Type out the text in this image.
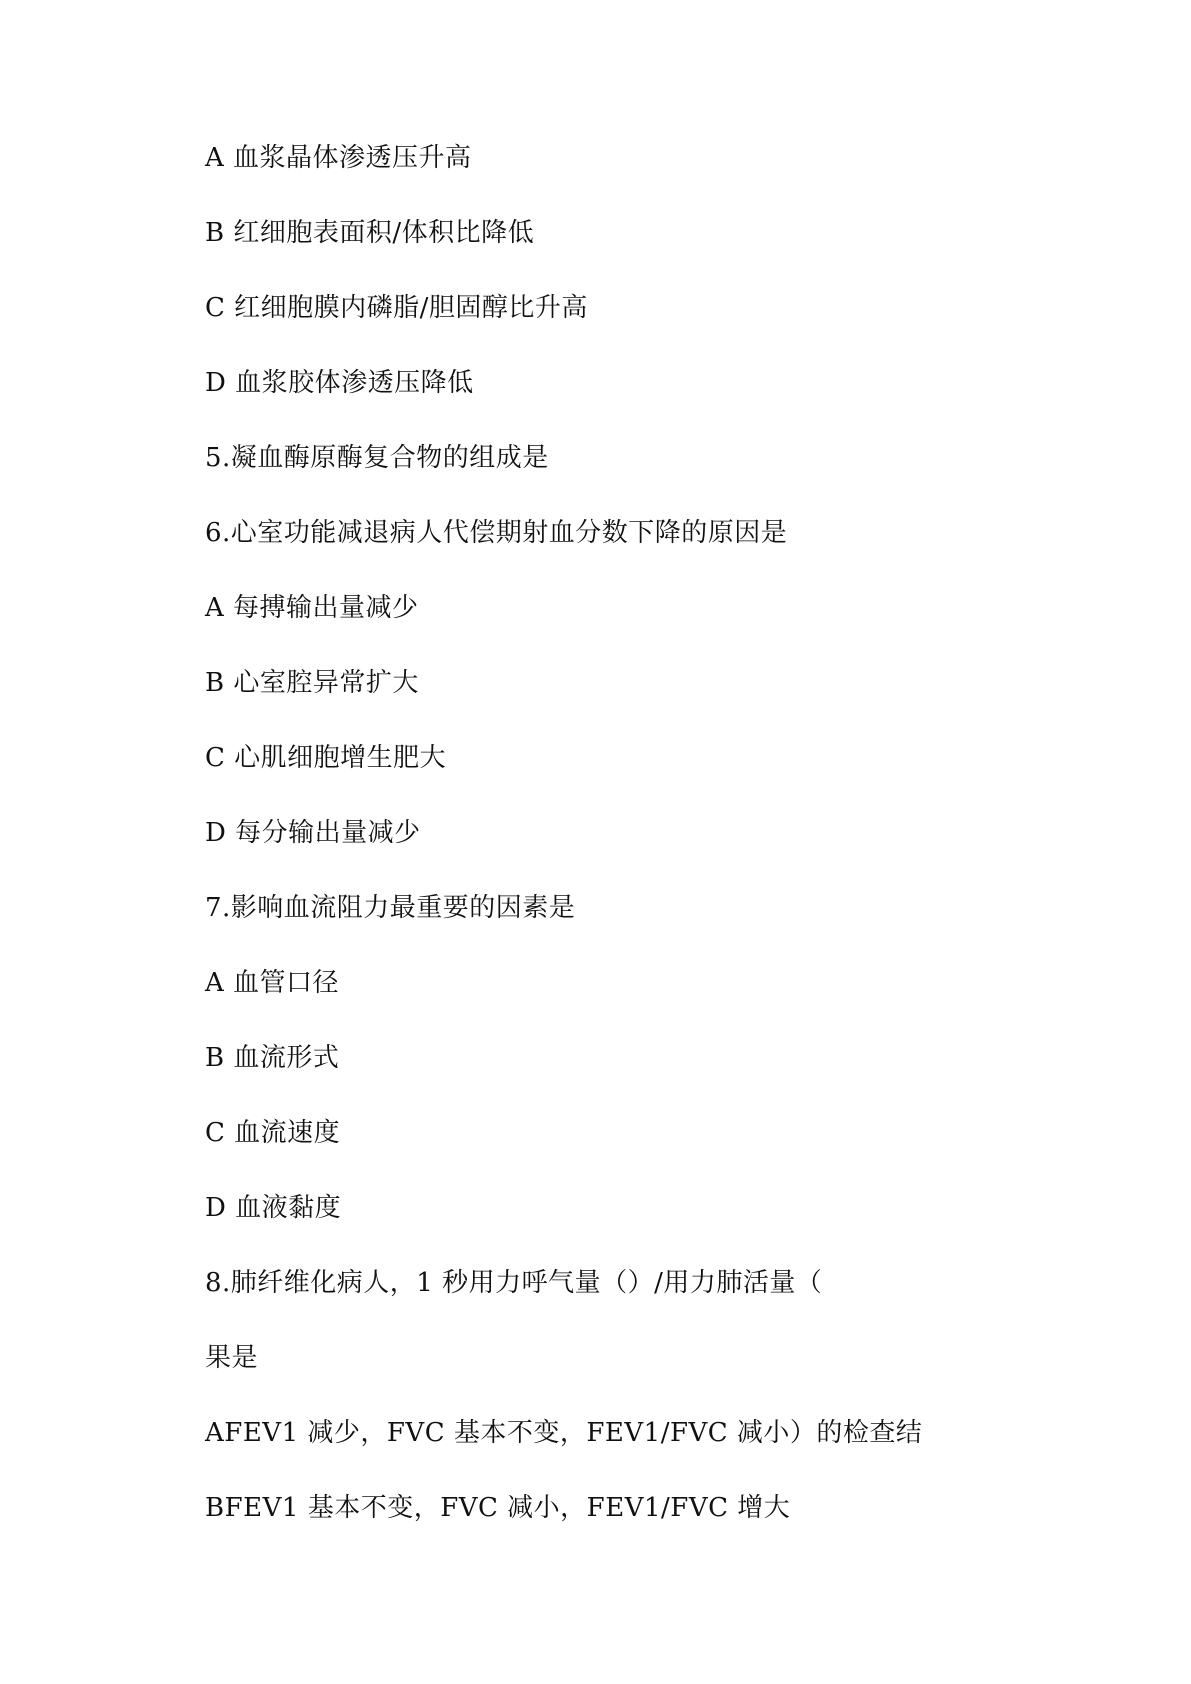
A 血浆晶体渗透压升高
B 红细胞表面积/体积比降低
C 红细胞膜内磷脂/胆固醇比升高
D 血浆胶体渗透压降低
5.凝血酶原酶复合物的组成是
6.心室功能减退病人代偿期射血分数下降的原因是
A 每搏输出量减少
B 心室腔异常扩大
C 心肌细胞增生肥大
D 每分输出量减少
7.影响血流阻力最重要的因素是
A 血管口径
B 血流形式
C 血流速度
D 血液黏度
8.肺纤维化病人，1 秒用力呼气量（）/用力肺活量（
果是
AFEV1 减少，FVC 基本不变，FEV1/FVC 减小）的检查结
BFEV1 基本不变，FVC 减小，FEV1/FVC 增大
